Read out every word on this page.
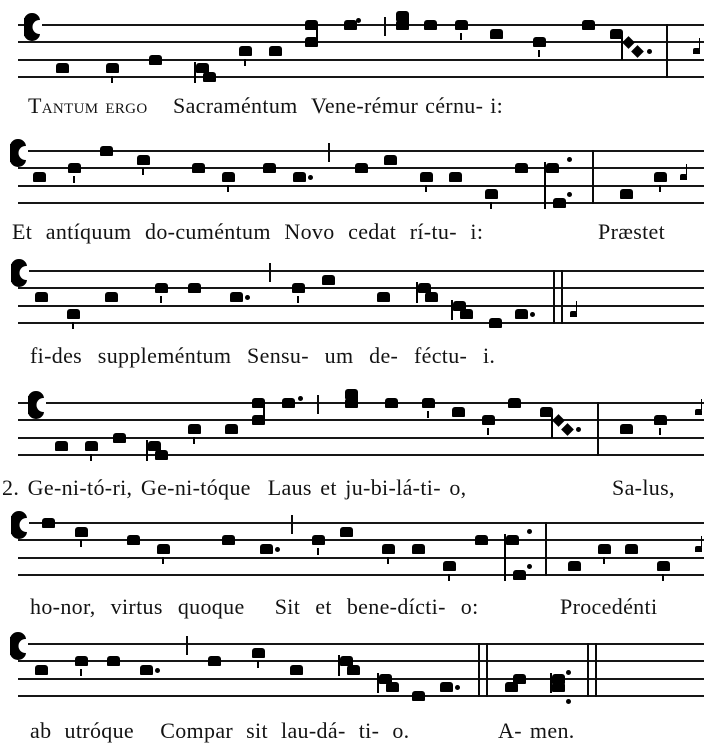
Tantum ergo Sacraméntum  Vene-rémur cérnu- i:
Et antíquum do-cuméntum Novo cedat rí-tu- i:	Præstet
fi-des suppleméntum Sensu- um de- féctu- i.
2. Ge-ni-tó-ri, Ge-ni-tóque  Laus et ju-bi-lá-ti- o,	Sa-lus,
ho-nor, virtus quoque  Sit et bene-dícti- o:	Procedénti
ab utróque  Compar sit lau-dá- ti- o.	A- men.
